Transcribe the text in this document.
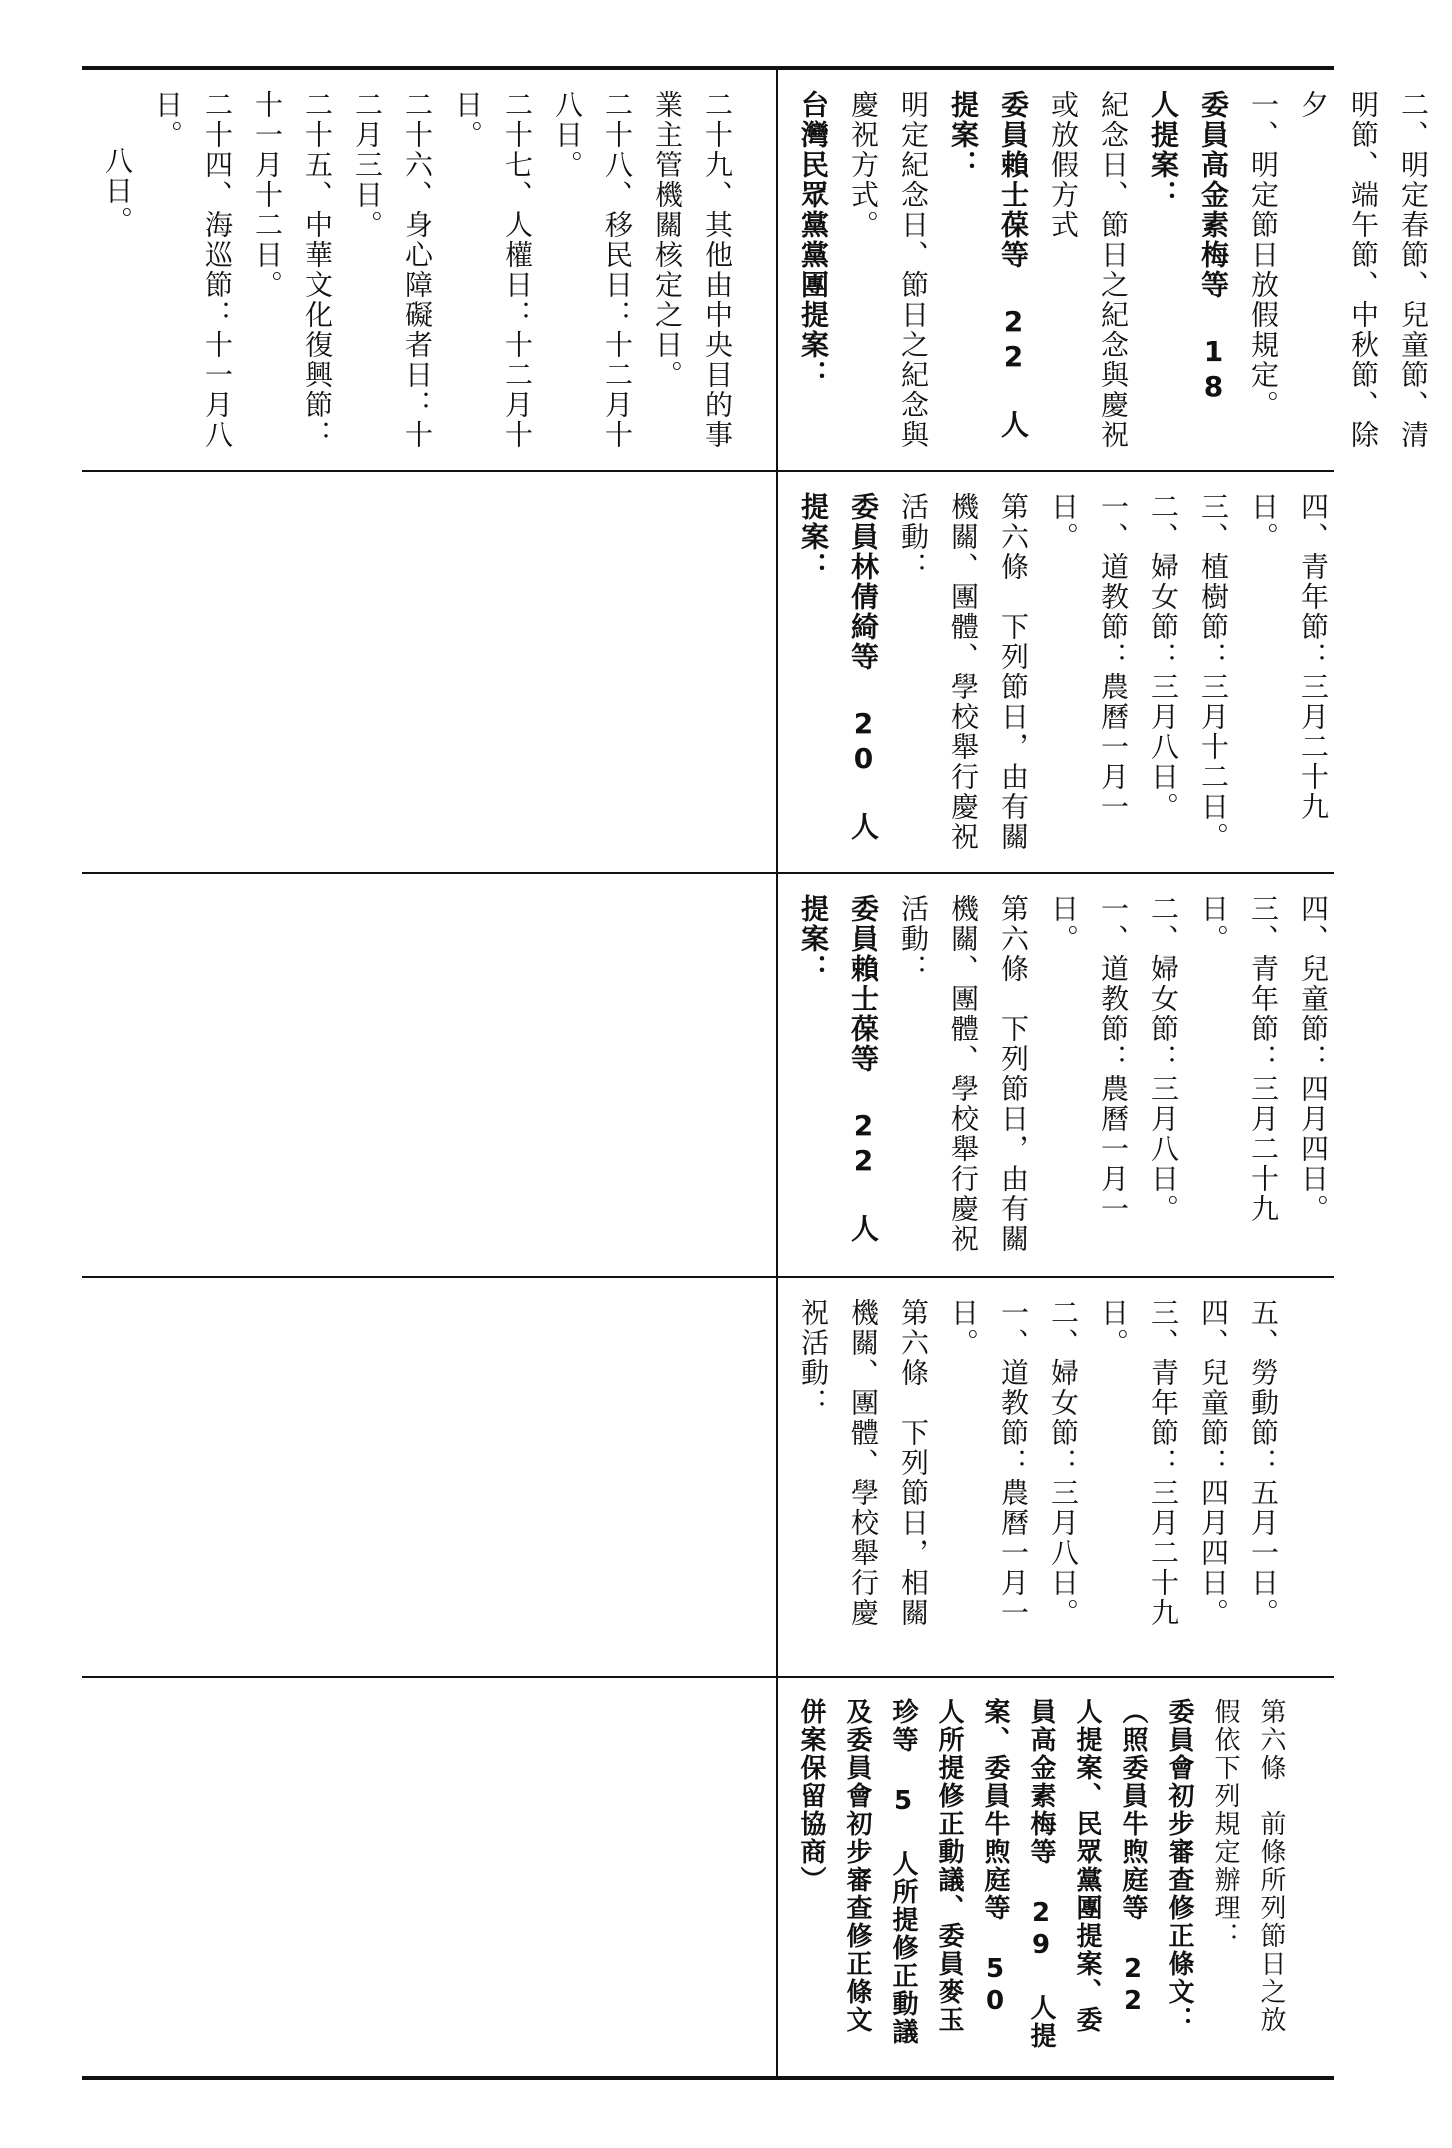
二十九、其他由中央目的事業主管機關核定之日。

二十八、移民日：十二月十八日。

二十七、人權日：十二月十日。

二十六、身心障礙者日：十二月三日。

二十五、中華文化復興節：十一月十二日。

二十四、海巡節：十一月八日。

八日。	二、明定春節、兒童節、清明節、端午節、中秋節、除夕

一、明定節日放假規定。

委員高金素梅等 18 人提案：

紀念日、節日之紀念與慶祝或放假方式

委員賴士葆等 22 人提案：

明定紀念日、節日之紀念與慶祝方式。

台灣民眾黨黨團提案：

四、青年節：三月二十九日。

三、植樹節：三月十二日。

二、婦女節：三月八日。

一、道教節：農曆一月一日。

第六條　下列節日，由有關機關、團體、學校舉行慶祝活動：

委員林倩綺等 20 人提案：

四、兒童節：四月四日。

三、青年節：三月二十九日。

二、婦女節：三月八日。

一、道教節：農曆一月一日。

第六條　下列節日，由有關機關、團體、學校舉行慶祝活動：

委員賴士葆等 22 人提案：

五、勞動節：五月一日。

四、兒童節：四月四日。

三、青年節：三月二十九日。

二、婦女節：三月八日。

一、道教節：農曆一月一日。

第六條　下列節日，相關機關、團體、學校舉行慶祝活動：

第六條　前條所列節日之放假依下列規定辦理：

委員會初步審查修正條文：

（照委員牛煦庭等 22 人提案、民眾黨團提案、委員高金素梅等 29 人提案、委員牛煦庭等 50 人所提修正動議、委員麥玉珍等 5 人所提修正動議及委員會初步審查修正條文併案保留協商）
